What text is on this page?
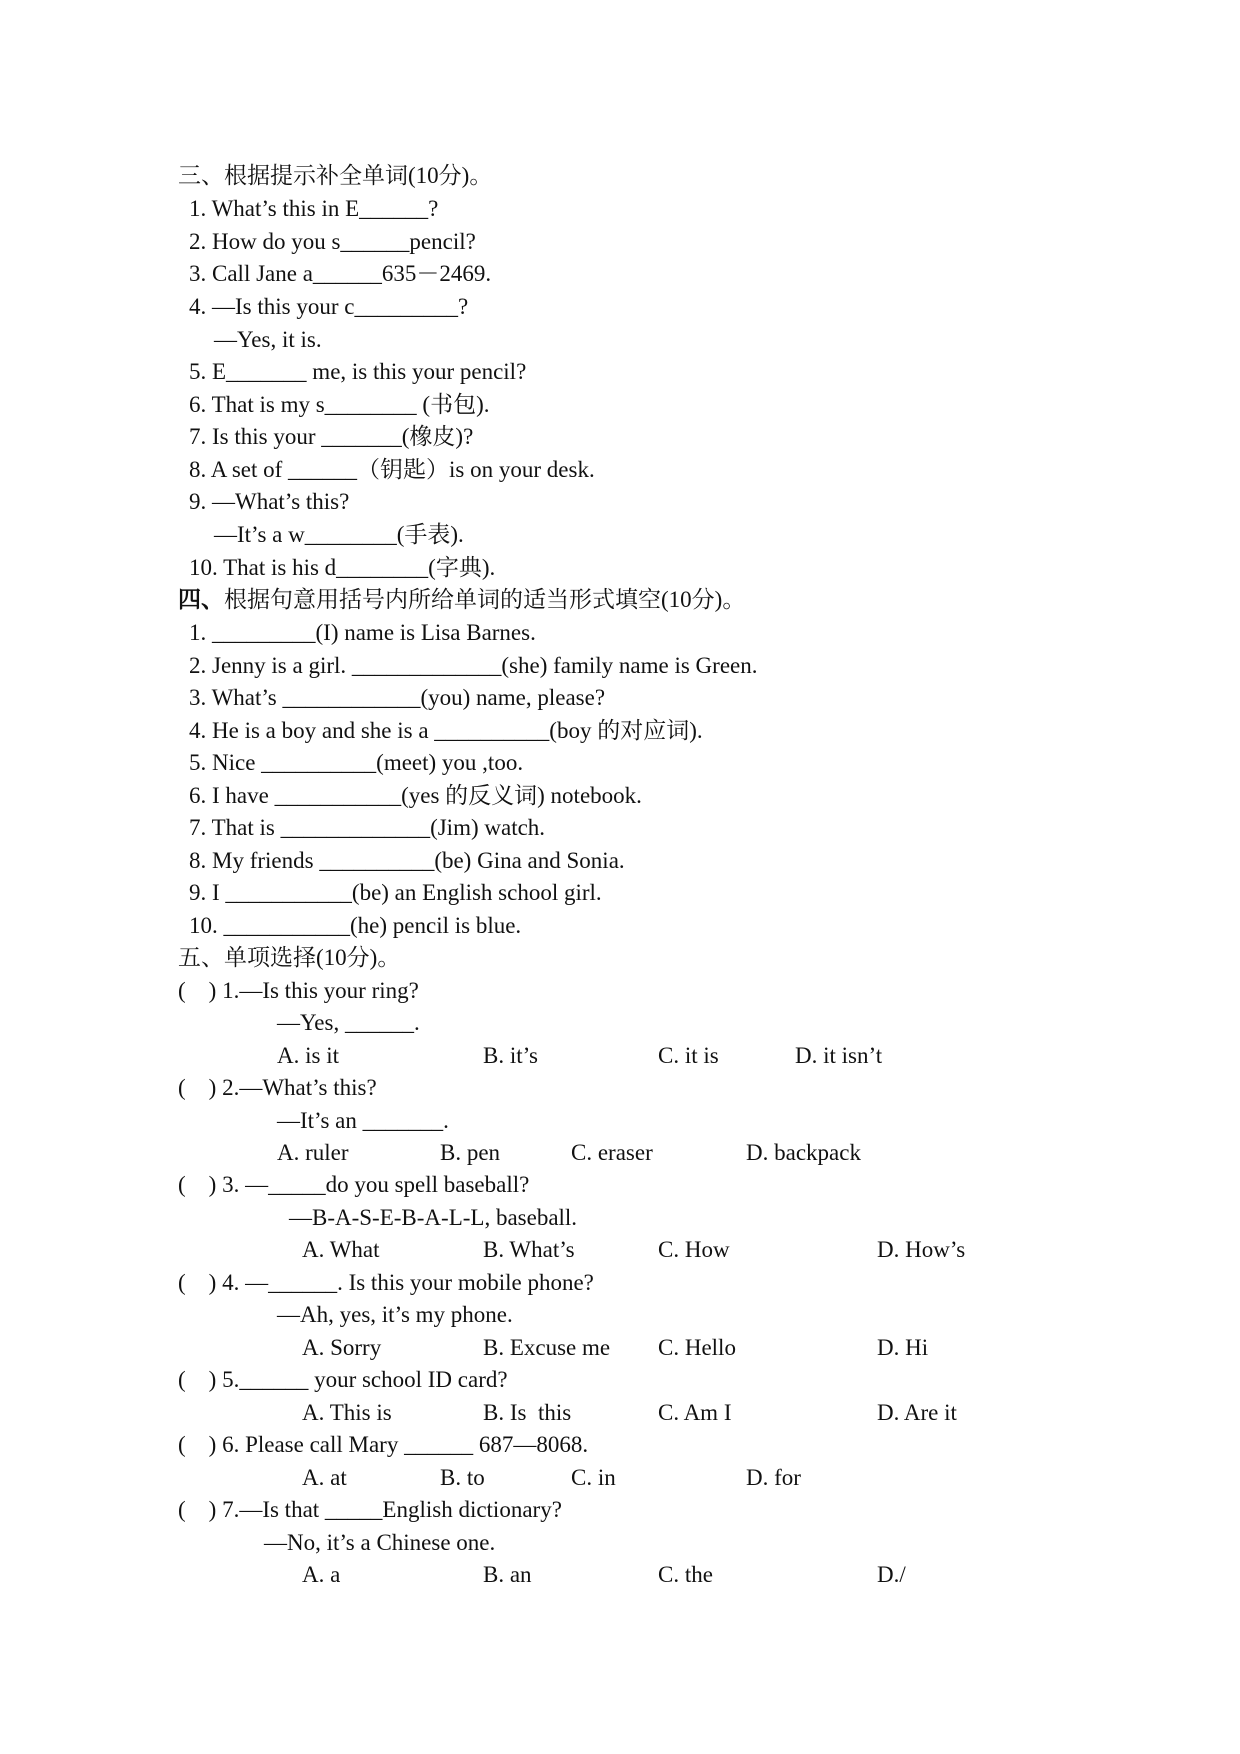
三、根据提示补全单词(10分)。
1. What’s this in E______?
2. How do you s______pencil?
3. Call Jane a______635－2469.
4. —Is this your c_________?
—Yes, it is.
5. E_______ me, is this your pencil?
6. That is my s________ (书包).
7. Is this your _______(橡皮)?
8. A set of ______（钥匙）is on your desk.
9. —What’s this?
—It’s a w________(手表).
10. That is his d________(字典).
四、根据句意用括号内所给单词的适当形式填空(10分)。
1. _________(I) name is Lisa Barnes.
2. Jenny is a girl. _____________(she) family name is Green.
3. What’s ____________(you) name, please?
4. He is a boy and she is a __________(boy 的对应词).
5. Nice __________(meet) you ,too.
6. I have ___________(yes 的反义词) notebook.
7. That is _____________(Jim) watch.
8. My friends __________(be) Gina and Sonia.
9. I ___________(be) an English school girl.
10. ___________(he) pencil is blue.
五、单项选择(10分)。
(    ) 1.—Is this your ring?
—Yes, ______.
A. is it	B. it’s	C. it is	D. it isn’t
(    ) 2.—What’s this?
—It’s an _______.
A. ruler	B. pen	C. eraser	D. backpack
(    ) 3. —_____do you spell baseball?
—B-A-S-E-B-A-L-L, baseball.
A. What	B. What’s	C. How	D. How’s
(    ) 4. —______. Is this your mobile phone?
—Ah, yes, it’s my phone.
A. Sorry	B. Excuse me C. Hello	D. Hi
(    ) 5.______ your school ID card?
A. This is	B. Is  this	C. Am I	D. Are it
(    ) 6. Please call Mary ______ 687—8068.
A. at	B. to	C. in	D. for
(    ) 7.—Is that _____English dictionary?
—No, it’s a Chinese one.
A. a	B. an	C. the	D./
